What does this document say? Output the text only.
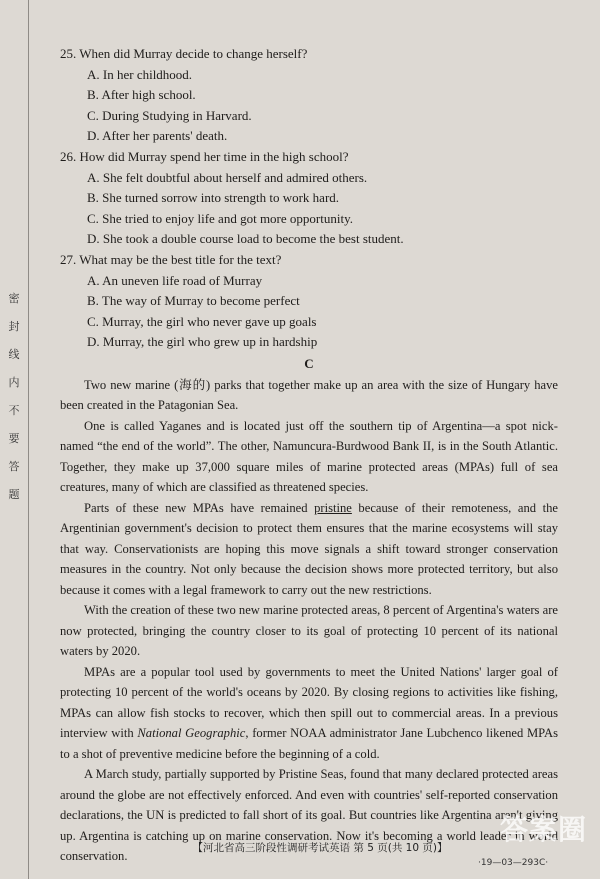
密封线内不要答题
25. When did Murray decide to change herself?
A. In her childhood.
B. After high school.
C. During Studying in Harvard.
D. After her parents' death.
26. How did Murray spend her time in the high school?
A. She felt doubtful about herself and admired others.
B. She turned sorrow into strength to work hard.
C. She tried to enjoy life and got more opportunity.
D. She took a double course load to become the best student.
27. What may be the best title for the text?
A. An uneven life road of Murray
B. The way of Murray to become perfect
C. Murray, the girl who never gave up goals
D. Murray, the girl who grew up in hardship
C

Two new marine (海的) parks that together make up an area with the size of Hungary have been created in the Patagonian Sea.

One is called Yaganes and is located just off the southern tip of Argentina—a spot nick-named “the end of the world”. The other, Namuncura-Burdwood Bank II, is in the South Atlantic. Together, they make up 37,000 square miles of marine protected areas (MPAs) full of sea creatures, many of which are classified as threatened species.

Parts of these new MPAs have remained pristine because of their remoteness, and the Argentinian government's decision to protect them ensures that the marine ecosystems will stay that way. Conservationists are hoping this move signals a shift toward stronger conservation measures in the country. Not only because the decision shows more protected territory, but also because it comes with a legal framework to carry out the new restrictions.

With the creation of these two new marine protected areas, 8 percent of Argentina's waters are now protected, bringing the country closer to its goal of protecting 10 percent of its national waters by 2020.

MPAs are a popular tool used by governments to meet the United Nations' larger goal of protecting 10 percent of the world's oceans by 2020. By closing regions to activities like fishing, MPAs can allow fish stocks to recover, which then spill out to commercial areas. In a previous interview with National Geographic, former NOAA administrator Jane Lubchenco likened MPAs to a shot of preventive medicine before the beginning of a cold.

A March study, partially supported by Pristine Seas, found that many declared protected areas around the globe are not effectively enforced. And even with countries' self-reported conservation declarations, the UN is predicted to fall short of its goal. But countries like Argentina aren't giving up. Argentina is catching up on marine conservation. Now it's becoming a world leader in world conservation.

答案圈
【河北省高三阶段性调研考试英语 第 5 页(共 10 页)】
·19—03—293C·
